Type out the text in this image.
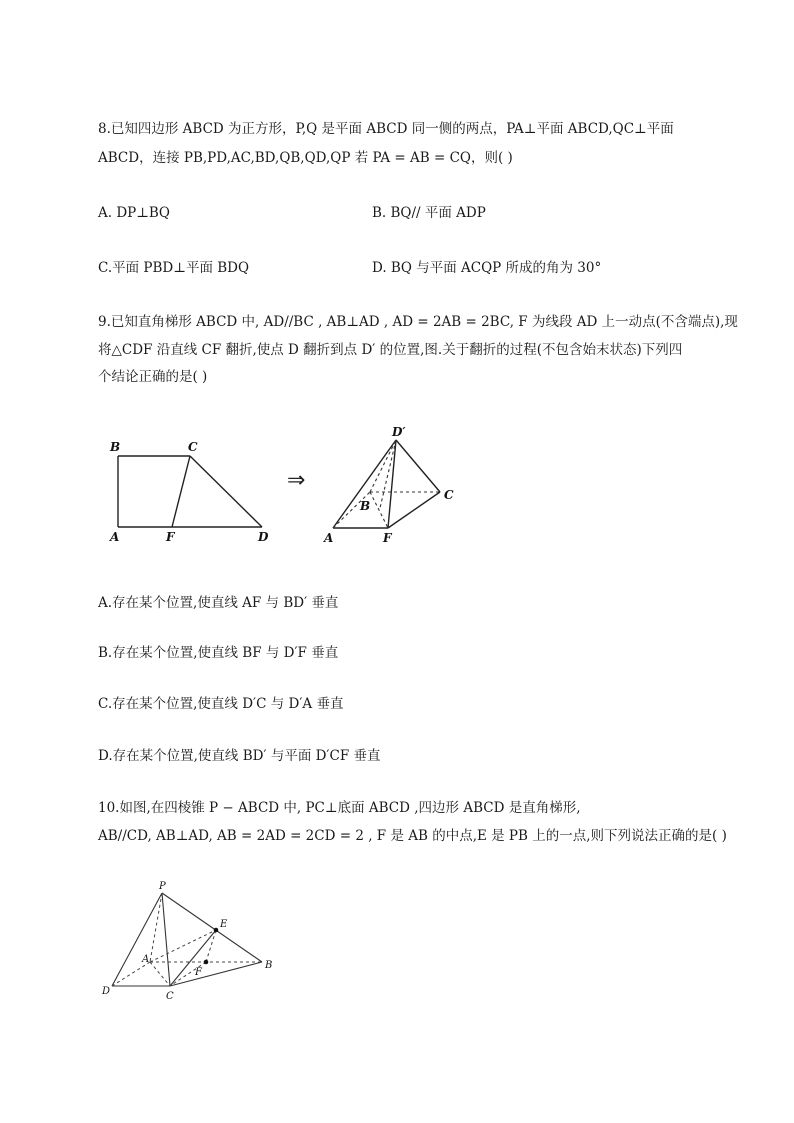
8.已知四边形 ABCD 为正方形，P,Q 是平面 ABCD 同一侧的两点，PA⊥平面 ABCD,QC⊥平面
ABCD，连接 PB,PD,AC,BD,QB,QD,QP 若 PA = AB = CQ，则( )
A. DP⊥BQ	B. BQ// 平面 ADP
C.平面 PBD⊥平面 BDQ	D. BQ 与平面 ACQP 所成的角为 30°
9.已知直角梯形 ABCD 中, AD//BC , AB⊥AD , AD = 2AB = 2BC, F 为线段 AD 上一动点(不含端点),现
将△CDF 沿直线 CF 翻折,使点 D 翻折到点 D′ 的位置,图.关于翻折的过程(不包含始末状态)下列四
个结论正确的是( )
B	C
A	F	D
⇒
D′
B
C
A	F
P
E
A
F
B
D	C
A.存在某个位置,使直线 AF 与 BD′ 垂直
B.存在某个位置,使直线 BF 与 D′F 垂直
C.存在某个位置,使直线 D′C 与 D′A 垂直
D.存在某个位置,使直线 BD′ 与平面 D′CF 垂直
10.如图,在四棱锥 P − ABCD 中, PC⊥底面 ABCD ,四边形 ABCD 是直角梯形,
AB//CD, AB⊥AD, AB = 2AD = 2CD = 2 , F 是 AB 的中点,E 是 PB 上的一点,则下列说法正确的是( )
